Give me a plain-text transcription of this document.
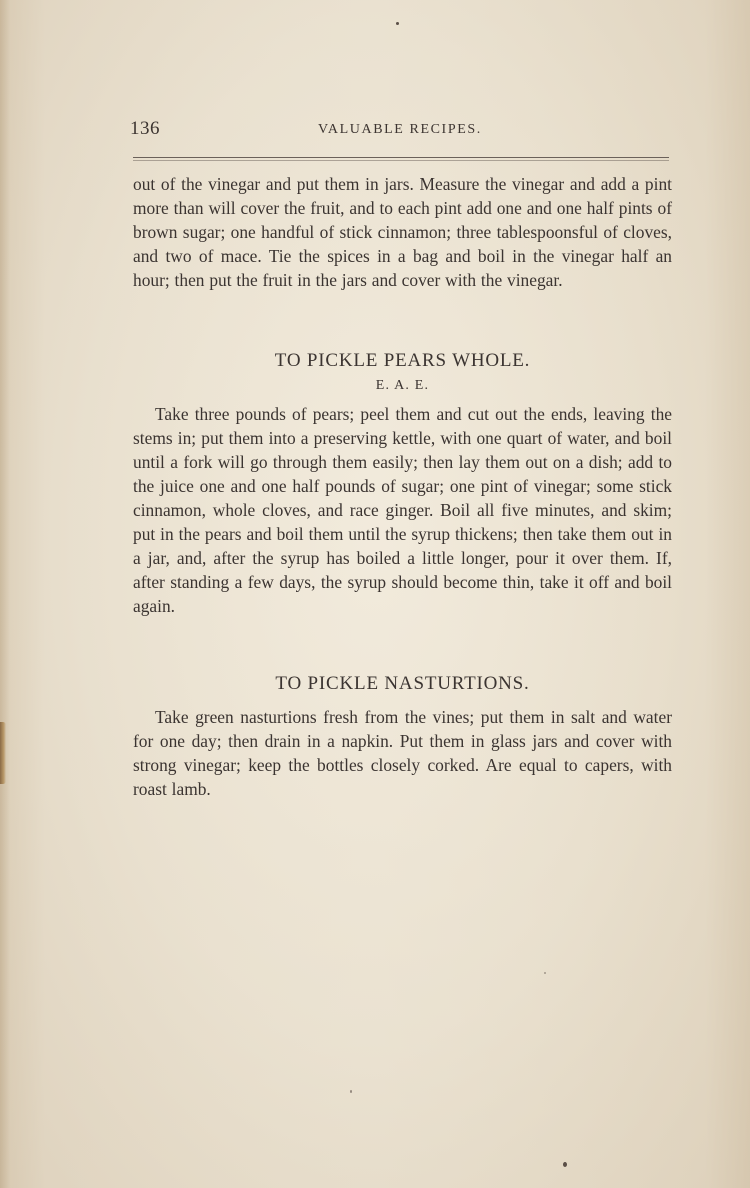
136	VALUABLE RECIPES.
out of the vinegar and put them in jars. Measure the vinegar and add a pint more than will cover the fruit, and to each pint add one and one half pints of brown sugar; one handful of stick cinnamon; three tablespoonsful of cloves, and two of mace. Tie the spices in a bag and boil in the vinegar half an hour; then put the fruit in the jars and cover with the vinegar.
TO PICKLE PEARS WHOLE.
E. A. E.
Take three pounds of pears; peel them and cut out the ends, leaving the stems in; put them into a preserving kettle, with one quart of water, and boil until a fork will go through them easily; then lay them out on a dish; add to the juice one and one half pounds of sugar; one pint of vinegar; some stick cinnamon, whole cloves, and race ginger. Boil all five minutes, and skim; put in the pears and boil them until the syrup thickens; then take them out in a jar, and, after the syrup has boiled a little longer, pour it over them. If, after standing a few days, the syrup should become thin, take it off and boil again.
TO PICKLE NASTURTIONS.
Take green nasturtions fresh from the vines; put them in salt and water for one day; then drain in a napkin. Put them in glass jars and cover with strong vinegar; keep the bottles closely corked. Are equal to capers, with roast lamb.
